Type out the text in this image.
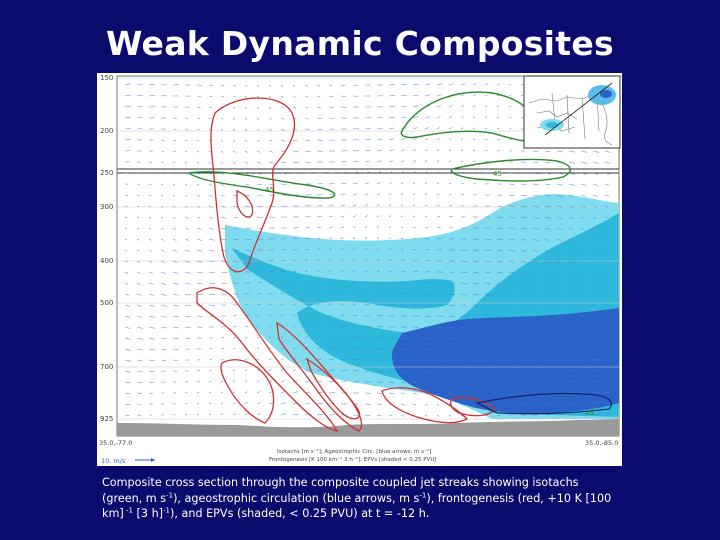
Weak Dynamic Composites
45
45
45
150
200
250
300
400
500
700
925
35.0,-77.0	35.0,-85.0
Isotachs [m s⁻¹]; Ageostrophic Circ. [blue arrows, m s⁻¹]
Frontogenesis [K 100 km⁻¹ 3 h⁻¹]; EPVs [shaded < 0.25 PVU]
10. m/s
Composite cross section through the composite coupled jet streaks showing isotachs (green, m $s^{-1}$), ageostrophic circulation (blue arrows, m $s^{-1}$), frontogenesis (red, +10 K [100 km] $^{-1}$ [3 h]$^{-1}$), and EPVs (shaded, < 0.25 PVU) at t = -12 h.
